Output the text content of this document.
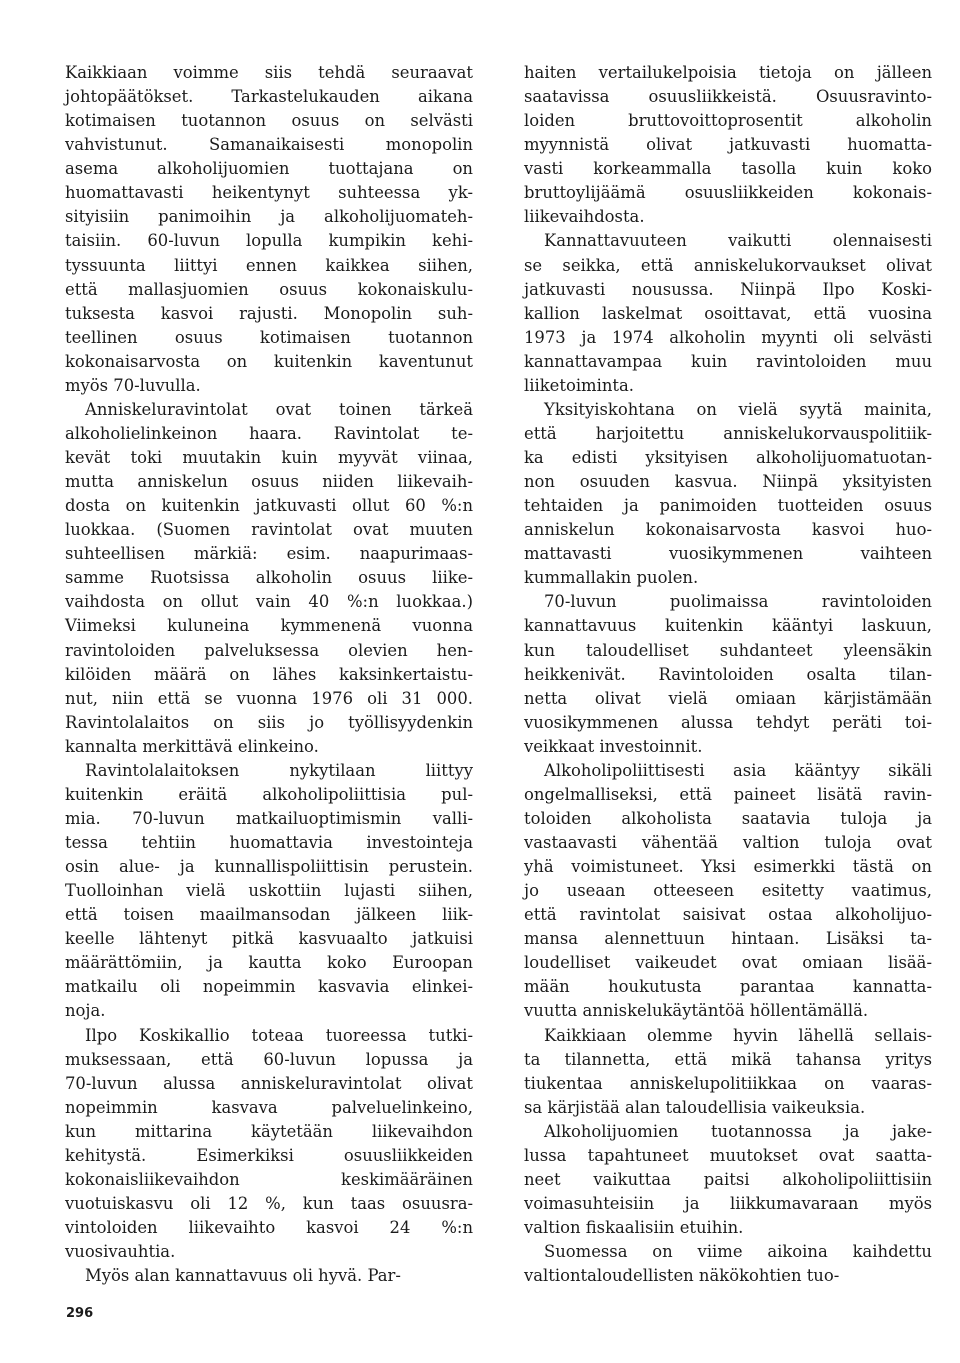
Kaikkiaan voimme siis tehdä seuraavat
johtopäätökset. Tarkastelukauden aikana
kotimaisen tuotannon osuus on selvästi
vahvistunut. Samanaikaisesti monopolin
asema alkoholijuomien tuottajana on
huomattavasti heikentynyt suhteessa yk-
sityisiin panimoihin ja alkoholijuomateh-
taisiin. 60-luvun lopulla kumpikin kehi-
tyssuunta liittyi ennen kaikkea siihen,
että mallasjuomien osuus kokonaiskulu-
tuksesta kasvoi rajusti. Monopolin suh-
teellinen osuus kotimaisen tuotannon
kokonaisarvosta on kuitenkin kaventunut
myös 70-luvulla.

Anniskeluravintolat ovat toinen tärkeä
alkoholielinkeinon haara. Ravintolat te-
kevät toki muutakin kuin myyvät viinaa,
mutta anniskelun osuus niiden liikevaih-
dosta on kuitenkin jatkuvasti ollut 60 %:n
luokkaa. (Suomen ravintolat ovat muuten
suhteellisen märkiä: esim. naapurimaas-
samme Ruotsissa alkoholin osuus liike-
vaihdosta on ollut vain 40 %:n luokkaa.)
Viimeksi kuluneina kymmenenä vuonna
ravintoloiden palveluksessa olevien hen-
kilöiden määrä on lähes kaksinkertaistu-
nut, niin että se vuonna 1976 oli 31 000.
Ravintolalaitos on siis jo työllisyydenkin
kannalta merkittävä elinkeino.

Ravintolalaitoksen nykytilaan liittyy
kuitenkin eräitä alkoholipoliittisia pul-
mia. 70-luvun matkailuoptimismin valli-
tessa tehtiin huomattavia investointeja
osin alue- ja kunnallispoliittisin perustein.
Tuolloinhan vielä uskottiin lujasti siihen,
että toisen maailmansodan jälkeen liik-
keelle lähtenyt pitkä kasvuaalto jatkuisi
määrättömiin, ja kautta koko Euroopan
matkailu oli nopeimmin kasvavia elinkei-
noja.

Ilpo Koskikallio toteaa tuoreessa tutki-
muksessaan, että 60-luvun lopussa ja
70-luvun alussa anniskeluravintolat olivat
nopeimmin kasvava palveluelinkeino,
kun mittarina käytetään liikevaihdon
kehitystä. Esimerkiksi osuusliikkeiden
kokonaisliikevaihdon keskimääräinen
vuotuiskasvu oli 12 %, kun taas osuusra-
vintoloiden liikevaihto kasvoi 24 %:n
vuosivauhtia.

Myös alan kannattavuus oli hyvä. Par-

haiten vertailukelpoisia tietoja on jälleen
saatavissa osuusliikkeistä. Osuusravinto-
loiden bruttovoittoprosentit alkoholin
myynnistä olivat jatkuvasti huomatta-
vasti korkeammalla tasolla kuin koko
bruttoylijäämä osuusliikkeiden kokonais-
liikevaihdosta.

Kannattavuuteen vaikutti olennaisesti
se seikka, että anniskelukorvaukset olivat
jatkuvasti nousussa. Niinpä Ilpo Koski-
kallion laskelmat osoittavat, että vuosina
1973 ja 1974 alkoholin myynti oli selvästi
kannattavampaa kuin ravintoloiden muu
liiketoiminta.

Yksityiskohtana on vielä syytä mainita,
että harjoitettu anniskelukorvauspolitiik-
ka edisti yksityisen alkoholijuomatuotan-
non osuuden kasvua. Niinpä yksityisten
tehtaiden ja panimoiden tuotteiden osuus
anniskelun kokonaisarvosta kasvoi huo-
mattavasti vuosikymmenen vaihteen
kummallakin puolen.

70-luvun puolimaissa ravintoloiden
kannattavuus kuitenkin kääntyi laskuun,
kun taloudelliset suhdanteet yleensäkin
heikkenivät. Ravintoloiden osalta tilan-
netta olivat vielä omiaan kärjistämään
vuosikymmenen alussa tehdyt peräti toi-
veikkaat investoinnit.

Alkoholipoliittisesti asia kääntyy sikäli
ongelmalliseksi, että paineet lisätä ravin-
toloiden alkoholista saatavia tuloja ja
vastaavasti vähentää valtion tuloja ovat
yhä voimistuneet. Yksi esimerkki tästä on
jo useaan otteeseen esitetty vaatimus,
että ravintolat saisivat ostaa alkoholijuo-
mansa alennettuun hintaan. Lisäksi ta-
loudelliset vaikeudet ovat omiaan lisää-
mään houkutusta parantaa kannatta-
vuutta anniskelukäytäntöä höllentämällä.

Kaikkiaan olemme hyvin lähellä sellais-
ta tilannetta, että mikä tahansa yritys
tiukentaa anniskelupolitiikkaa on vaaras-
sa kärjistää alan taloudellisia vaikeuksia.

Alkoholijuomien tuotannossa ja jake-
lussa tapahtuneet muutokset ovat saatta-
neet vaikuttaa paitsi alkoholipoliittisiin
voimasuhteisiin ja liikkumavaraan myös
valtion fiskaalisiin etuihin.

Suomessa on viime aikoina kaihdettu
valtiontaloudellisten näkökohtien tuo-

296
